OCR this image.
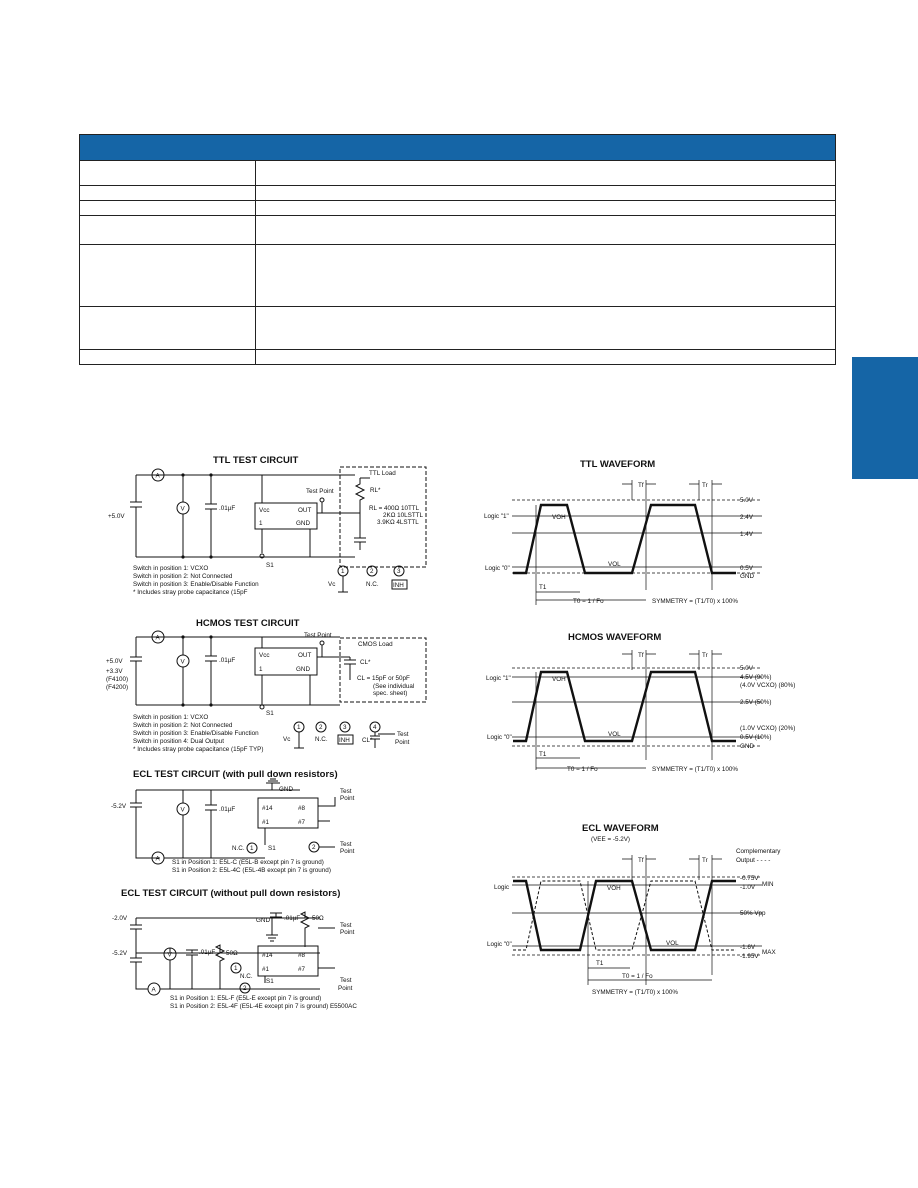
TTL TEST CIRCUIT
+5.0V
A
V	.01µF	Vcc	OUT
1	GND
S1
Test Point
TTL Load
RL*
RL = 400Ω 10TTL
2KΩ 10LSTTL
3.9KΩ 4LSTTL
Switch in position 1: VCXO
Switch in position 2: Not Connected
Switch in position 3: Enable/Disable Function
* Includes stray probe capacitance (15pF
1	2	3
Vc	N.C. INH
HCMOS TEST CIRCUIT
+5.0V
+3.3V
(F4100)
(F4200)
A
V	.01µF
Vcc	OUT
1	GND
S1
Test Point
CMOS Load
CL*
CL = 15pF or 50pF
(See individual
spec. sheet)
Switch in position 1: VCXO
Switch in position 2: Not Connected
Switch in position 3: Enable/Disable Function
Switch in position 4: Dual Output
* Includes stray probe capacitance (15pF TYP)
1	2	3	4
Vc	N.C. INH CL*
Test
Point
ECL TEST CIRCUIT (with pull down resistors)
-5.2V
A
V	.01µF
GND
#14
#1
#8
#7
Test
Point
2	Test
Point
N.C. 1 S1
S1 in Position 1: E5L-C (E5L-B except pin 7 is ground)
S1 in Position 2: E5L-4C (E5L-4B except pin 7 is ground)
ECL TEST CIRCUIT (without pull down resistors)
-2.0V
-5.2V
A
V	.01µF 50Ω
GND .01µF 50Ω
#14
#1
#8
#7
Test
Point
Test
Point
1
2
N.C.
S1
S1 in Position 1: E5L-F (E5L-E except pin 7 is ground)
S1 in Position 2: E5L-4F (E5L-4E except pin 7 is ground) E5500AC
TTL WAVEFORM
Tf	Tr
5.0V
2.4V
1.4V
0.5V
GND
Logic "1"
Logic "0"
VOH
VOL
T1
T0 = 1 / Fo	SYMMETRY = (T1/T0) x 100%
HCMOS WAVEFORM
Tf	Tr
5.0V
4.5V (90%)
(4.0V VCXO) (80%)
2.5V (50%)
(1.0V VCXO) (20%)
0.5V (10%)
GND
Logic "1"
Logic "0"
VOH
VOL
T1
T0 = 1 / Fo	SYMMETRY = (T1/T0) x 100%
ECL WAVEFORM
(VEE = -5.2V)
Complementary
Output - - - -
Tf	Tr
-0.75V
-1.0V MIN
50% Vpp
-1.6V
-1.95V
MAX
Logic
Logic "0"
VOH
VOL
T1
T0 = 1 / Fo
SYMMETRY = (T1/T0) x 100%
